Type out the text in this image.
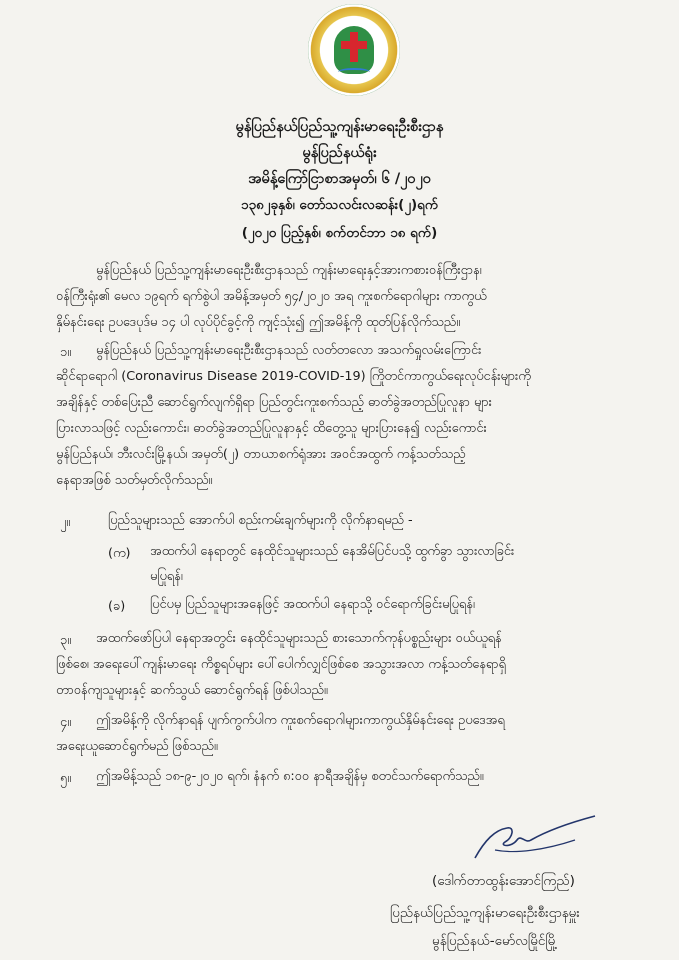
မွန်ပြည်နယ်ပြည်သူ့ကျန်းမာရေးဦးစီးဌာန
မွန်ပြည်နယ်ရုံး
အမိန့်ကြော်ငြာစာအမှတ်၊ ၆ /၂၀၂၀
၁၃၈၂ခုနှစ်၊ တော်သလင်းလဆန်း(၂)ရက်
(၂၀၂၀ ပြည့်နှစ်၊ စက်တင်ဘာ ၁၈ ရက်)
မွန်ပြည်နယ် ပြည်သူ့ကျန်းမာရေးဦးစီးဌာနသည် ကျန်းမာရေးနှင့်အားကစားဝန်ကြီးဌာန၊
ဝန်ကြီးရုံး၏ မေလ ၁၉ရက် ရက်စွဲပါ အမိန့်အမှတ် ၅၄/၂၀၂၀ အရ ကူးစက်ရောဂါများ ကာကွယ်
နှိမ်နင်းရေး ဥပဒေပုဒ်မ ၁၄ ပါ လုပ်ပိုင်ခွင့်ကို ကျင့်သုံး၍ ဤအမိန့်ကို ထုတ်ပြန်လိုက်သည်။
၁။ မွန်ပြည်နယ် ပြည်သူ့ကျန်းမာရေးဦးစီးဌာနသည် လတ်တလော အသက်ရှုလမ်းကြောင်း
ဆိုင်ရာရောဂါ (Coronavirus Disease 2019-COVID-19) ကြိုတင်ကာကွယ်ရေးလုပ်ငန်းများကို
အချိန်နှင့် တစ်ပြေးညီ ဆောင်ရွက်လျက်ရှိရာ ပြည်တွင်းကူးစက်သည့် ဓာတ်ခွဲအတည်ပြုလူနာ များ
ပြားလာသဖြင့် လည်းကောင်း၊ ဓာတ်ခွဲအတည်ပြုလူနာနှင့် ထိတွေ့သူ များပြားနေ၍ လည်းကောင်း
မွန်ပြည်နယ်၊ ဘီးလင်းမြို့နယ်၊ အမှတ်(၂) တာယာစက်ရုံအား အဝင်အထွက် ကန့်သတ်သည့်
နေရာအဖြစ် သတ်မှတ်လိုက်သည်။
၂။	ပြည်သူများသည် အောက်ပါ စည်းကမ်းချက်များကို လိုက်နာရမည် -
(က) အထက်ပါ နေရာတွင် နေထိုင်သူများသည် နေအိမ်ပြင်ပသို့ ထွက်ခွာ သွားလာခြင်း
မပြုရန်၊
(ခ) ပြင်ပမှ ပြည်သူများအနေဖြင့် အထက်ပါ နေရာသို့ ဝင်ရောက်ခြင်းမပြုရန်၊
၃။ အထက်ဖော်ပြပါ နေရာအတွင်း နေထိုင်သူများသည် စားသောက်ကုန်ပစ္စည်းများ ဝယ်ယူရန်
ဖြစ်စေ၊ အရေးပေါ်ကျန်းမာရေး ကိစ္စရပ်များ ပေါ်ပေါက်လျှင်ဖြစ်စေ အသွားအလာ ကန့်သတ်နေရာရှိ
တာဝန်ကျသူများနှင့် ဆက်သွယ် ဆောင်ရွက်ရန် ဖြစ်ပါသည်။
၄။ ဤအမိန့်ကို လိုက်နာရန် ပျက်ကွက်ပါက ကူးစက်ရောဂါများကာကွယ်နှိမ်နင်းရေး ဥပဒေအရ
အရေးယူဆောင်ရွက်မည် ဖြစ်သည်။
၅။ ဤအမိန့်သည် ၁၈-၉-၂၀၂၀ ရက်၊ နံနက် ၈:၀၀ နာရီအချိန်မှ စတင်သက်ရောက်သည်။
(ဒေါက်တာထွန်းအောင်ကြည်)
ပြည်နယ်ပြည်သူ့ကျန်းမာရေးဦးစီးဌာနမှူး
မွန်ပြည်နယ်-မော်လမြိုင်မြို့
